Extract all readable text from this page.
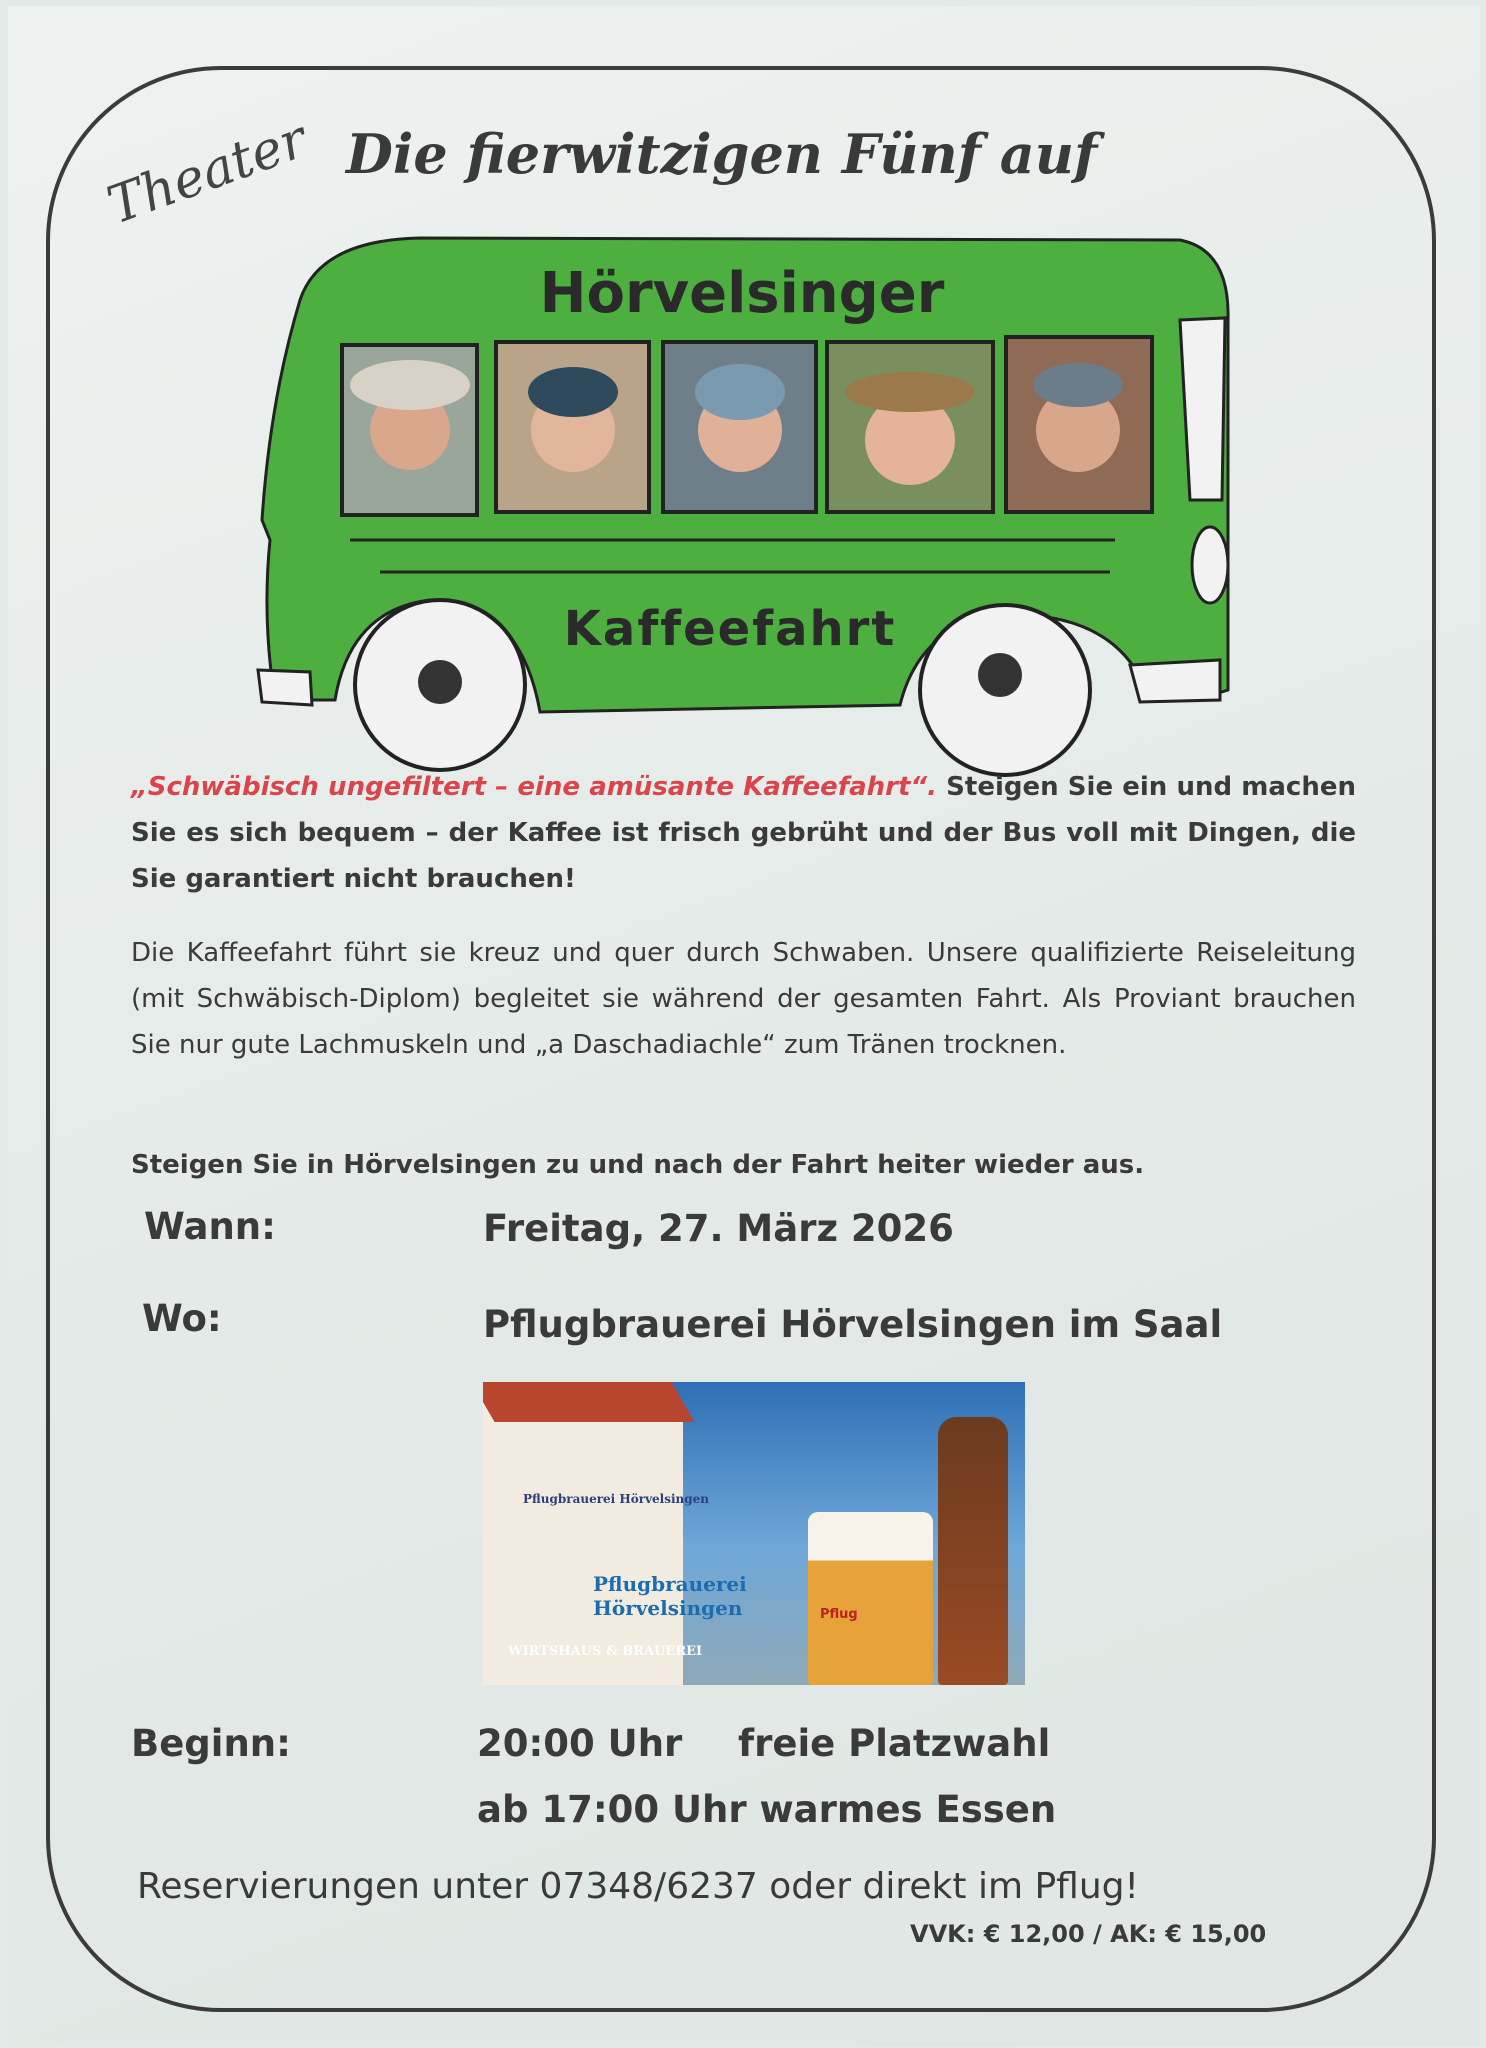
Theater Die fierwitzigen Fünf auf
Hörvelsinger
Kaffeefahrt
„Schwäbisch ungefiltert – eine amüsante Kaffeefahrt“. Steigen Sie ein und machen Sie es sich bequem – der Kaffee ist frisch gebrüht und der Bus voll mit Dingen, die Sie garantiert nicht brauchen!
Die Kaffeefahrt führt sie kreuz und quer durch Schwaben. Unsere qualifizierte Reiseleitung (mit Schwäbisch-Diplom) begleitet sie während der gesamten Fahrt. Als Proviant brauchen Sie nur gute Lachmuskeln und „a Daschadiachle“ zum Tränen trocknen.
Steigen Sie in Hörvelsingen zu und nach der Fahrt heiter wieder aus.
Wann:	Freitag, 27. März 2026
Wo:	Pflugbrauerei Hörvelsingen im Saal
Pflugbrauerei Hörvelsingen
Pflugbrauerei Hörvelsingen
WIRTSHAUS & BRAUEREI
Pflug
Beginn:	20:00 Uhr freie Platzwahl
ab 17:00 Uhr warmes Essen
Reservierungen unter 07348/6237 oder direkt im Pflug!
VVK: € 12,00 / AK: € 15,00
